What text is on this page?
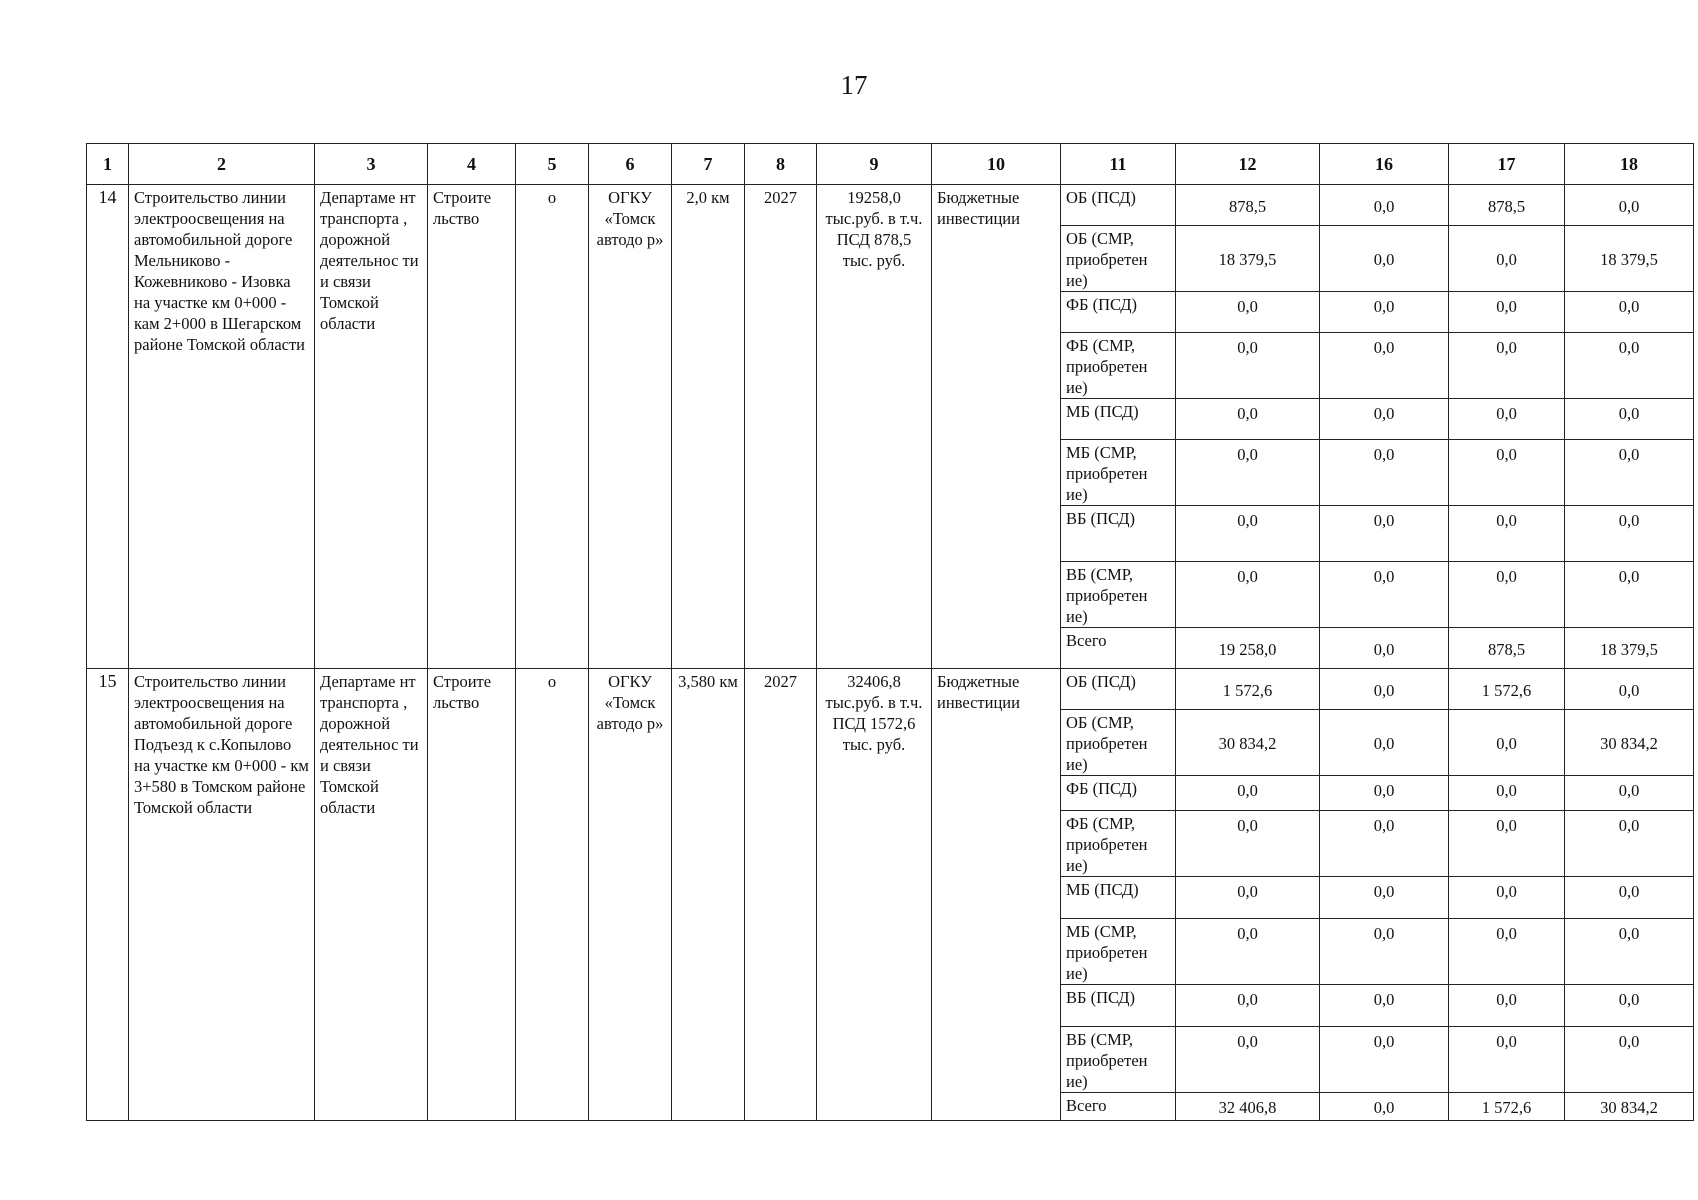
17
1	2	3	4	5	6	7	8	9	10	11	12	16	17	18
14	Строительство линии электроосвещения на автомобильной дороге Мельниково - Кожевниково - Изовка на участке км 0+000 - кам 2+000 в Шегарском районе Томской области	Департаме нт транспорта , дорожной деятельнос ти и связи Томской области	Строите льство	о	ОГКУ «Томск автодо р»	2,0 км	2027	19258,0 тыс.руб. в т.ч. ПСД 878,5 тыс. руб.	Бюджетные инвестиции	ОБ (ПСД)	878,5	0,0	878,5	0,0
										ОБ (СМР, приобретен ие)	18 379,5	0,0	0,0	18 379,5
										ФБ (ПСД)	0,0	0,0	0,0	0,0
										ФБ (СМР, приобретен ие)	0,0	0,0	0,0	0,0
										МБ (ПСД)	0,0	0,0	0,0	0,0
										МБ (СМР, приобретен ие)	0,0	0,0	0,0	0,0
										ВБ (ПСД)	0,0	0,0	0,0	0,0
										ВБ (СМР, приобретен ие)	0,0	0,0	0,0	0,0
										Всего	19 258,0	0,0	878,5	18 379,5
15	Строительство линии электроосвещения на автомобильной дороге Подъезд к с.Копылово на участке км 0+000 - км 3+580 в Томском районе Томской области	Департаме нт транспорта , дорожной деятельнос ти и связи Томской области	Строите льство	о	ОГКУ «Томск автодо р»	3,580 км	2027	32406,8 тыс.руб. в т.ч. ПСД 1572,6 тыс. руб.	Бюджетные инвестиции	ОБ (ПСД)	1 572,6	0,0	1 572,6	0,0
										ОБ (СМР, приобретен ие)	30 834,2	0,0	0,0	30 834,2
										ФБ (ПСД)	0,0	0,0	0,0	0,0
										ФБ (СМР, приобретен ие)	0,0	0,0	0,0	0,0
										МБ (ПСД)	0,0	0,0	0,0	0,0
										МБ (СМР, приобретен ие)	0,0	0,0	0,0	0,0
										ВБ (ПСД)	0,0	0,0	0,0	0,0
										ВБ (СМР, приобретен ие)	0,0	0,0	0,0	0,0
										Всего	32 406,8	0,0	1 572,6	30 834,2
